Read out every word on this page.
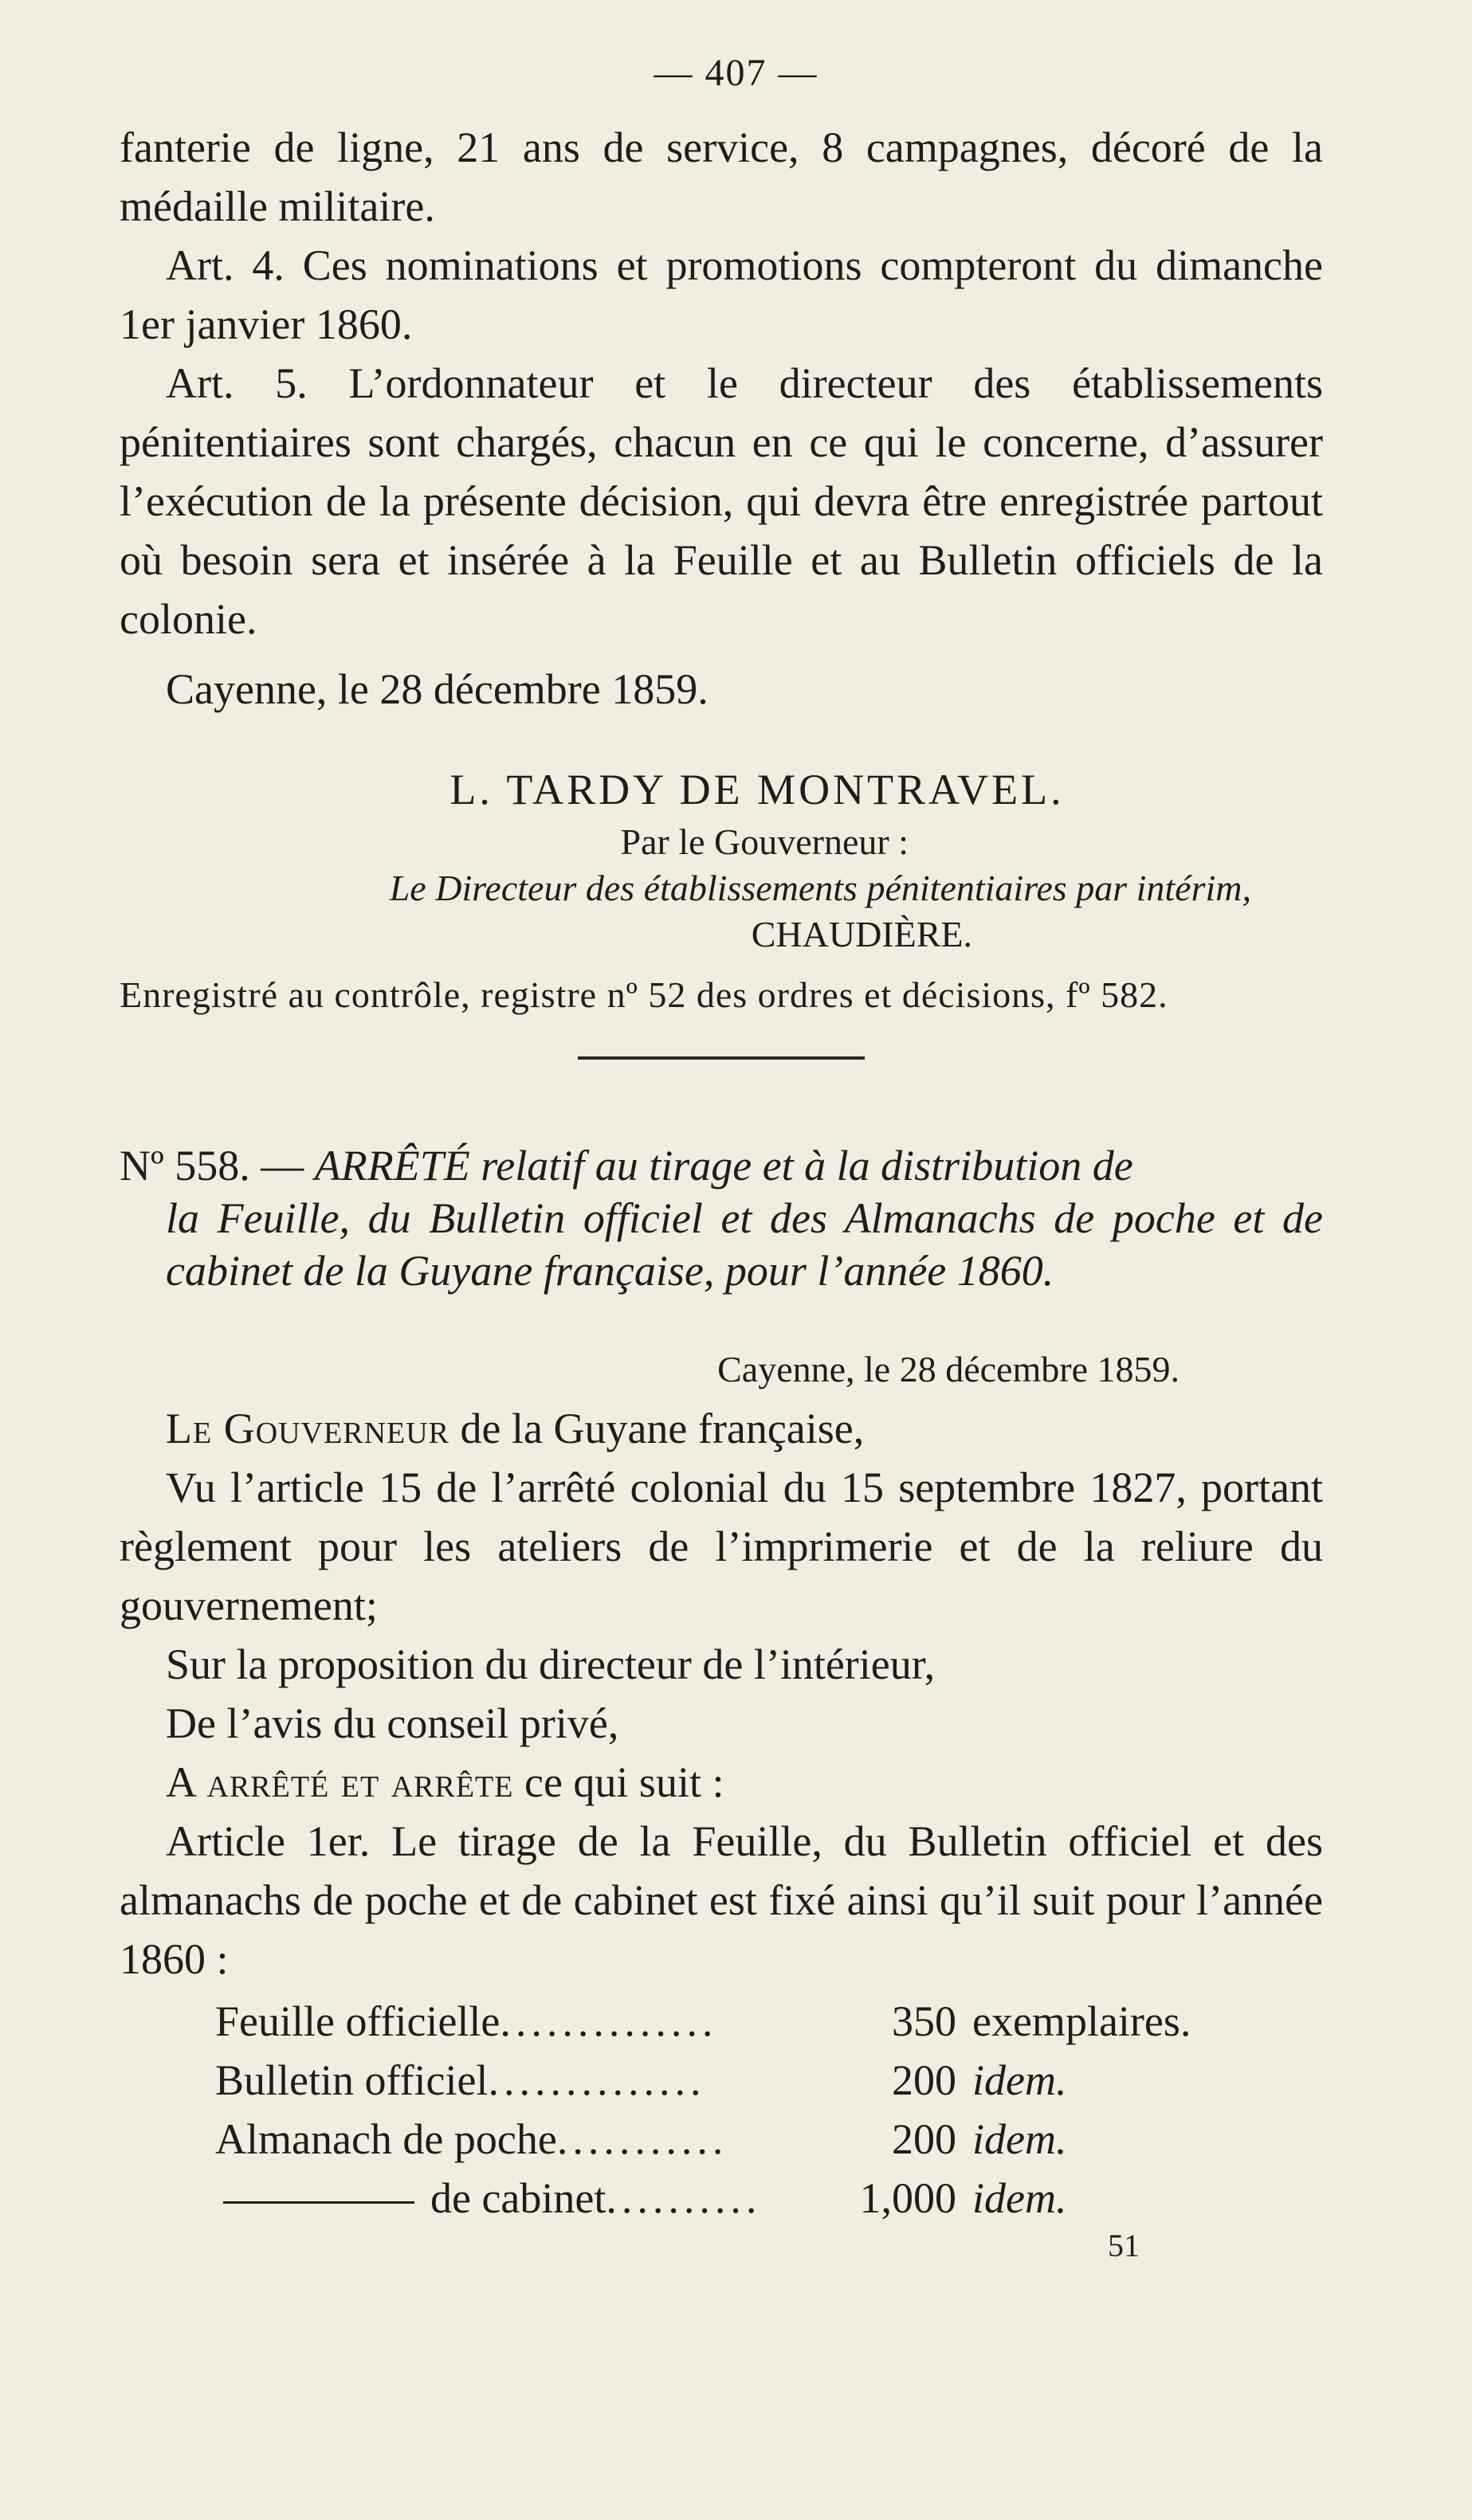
— 407 —

fanterie de ligne, 21 ans de service, 8 campagnes, décoré de la médaille militaire.

Art. 4. Ces nominations et promotions compteront du dimanche 1er janvier 1860.

Art. 5. L’ordonnateur et le directeur des établissements pénitentiaires sont chargés, chacun en ce qui le concerne, d’assurer l’exécution de la présente décision, qui devra être enregistrée partout où besoin sera et insérée à la Feuille et au Bulletin officiels de la colonie.

Cayenne, le 28 décembre 1859.

L. TARDY DE MONTRAVEL.

Par le Gouverneur :

Le Directeur des établissements pénitentiaires par intérim,

CHAUDIÈRE.

Enregistré au contrôle, registre nº 52 des ordres et décisions, fº 582.

Nº 558. — ARRÊTÉ relatif au tirage et à la distribution de
la Feuille, du Bulletin officiel et des Almanachs de poche et de cabinet de la Guyane française, pour l’année 1860.

Cayenne, le 28 décembre 1859.

Le Gouverneur de la Guyane française,

Vu l’article 15 de l’arrêté colonial du 15 septembre 1827, portant règlement pour les ateliers de l’imprimerie et de la reliure du gouvernement;

Sur la proposition du directeur de l’intérieur,

De l’avis du conseil privé,

A arrêté et arrête ce qui suit :

Article 1er. Le tirage de la Feuille, du Bulletin officiel et des almanachs de poche et de cabinet est fixé ainsi qu’il suit pour l’année 1860 :

Feuille officielle..............	350 exemplaires.
Bulletin officiel..............	200 idem.
Almanach de poche...........	200 idem.
de cabinet..........	1,000 idem.
51
